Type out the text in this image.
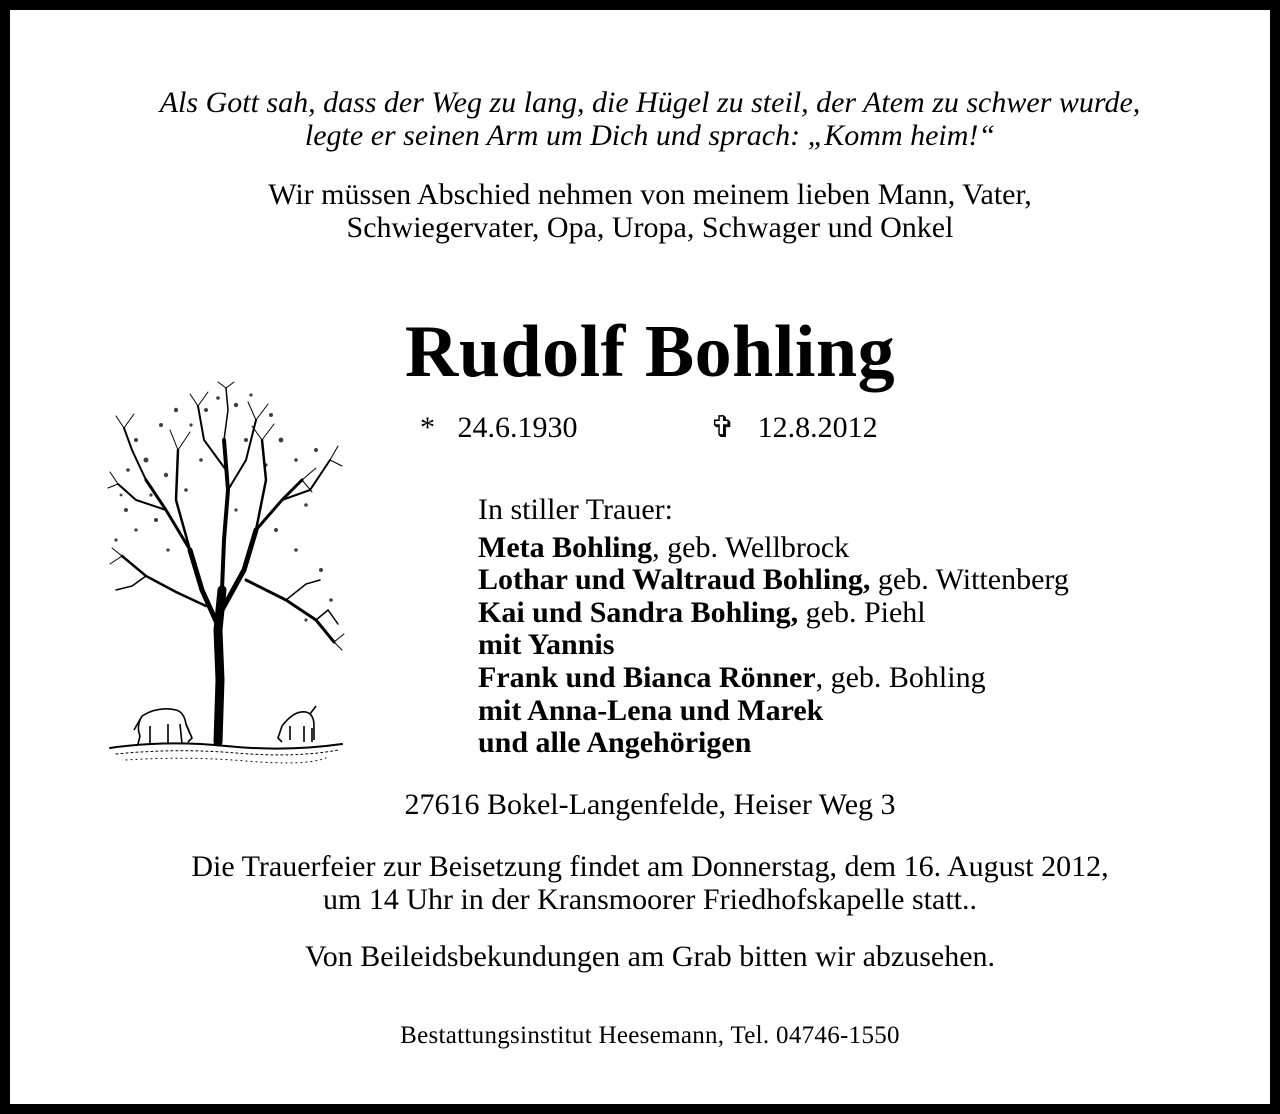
Als Gott sah, dass der Weg zu lang, die Hügel zu steil, der Atem zu schwer wurde,
legte er seinen Arm um Dich und sprach: „Komm heim!“
Wir müssen Abschied nehmen von meinem lieben Mann, Vater,
Schwiegervater, Opa, Uropa, Schwager und Onkel
Rudolf Bohling
* 24.6.1930	✞ 12.8.2012
In stiller Trauer:
Meta Bohling, geb. Wellbrock
Lothar und Waltraud Bohling, geb. Wittenberg
Kai und Sandra Bohling, geb. Piehl
mit Yannis
Frank und Bianca Rönner, geb. Bohling
mit Anna-Lena und Marek
und alle Angehörigen
27616 Bokel-Langenfelde, Heiser Weg 3
Die Trauerfeier zur Beisetzung findet am Donnerstag, dem 16. August 2012,
um 14 Uhr in der Kransmoorer Friedhofskapelle statt..
Von Beileidsbekundungen am Grab bitten wir abzusehen.
Bestattungsinstitut Heesemann, Tel. 04746-1550
